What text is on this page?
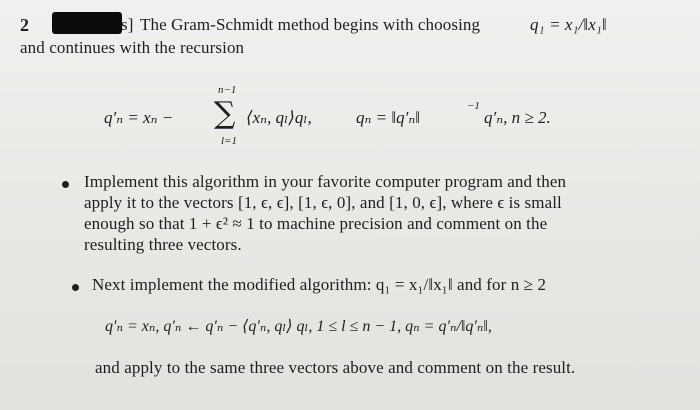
2	s] The Gram-Schmidt method begins with choosing	q₁ = x₁/‖x₁‖
and continues with the recursion
q′ₙ = xₙ −
n−1
∑
l=1
⟨xₙ, qₗ⟩qₗ,	qₙ = ‖q′ₙ‖
−1
q′ₙ, n ≥ 2.
Implement this algorithm in your favorite computer program and then
apply it to the vectors [1, ϵ, ϵ], [1, ϵ, 0], and [1, 0, ϵ], where ϵ is small
enough so that 1 + ϵ² ≈ 1 to machine precision and comment on the
resulting three vectors.
Next implement the modified algorithm: q₁ = x₁/‖x₁‖ and for n ≥ 2
q′ₙ = xₙ, q′ₙ ← q′ₙ − ⟨q′ₙ, qₗ⟩ qₗ, 1 ≤ l ≤ n − 1, qₙ = q′ₙ/‖q′ₙ‖,
and apply to the same three vectors above and comment on the result.
